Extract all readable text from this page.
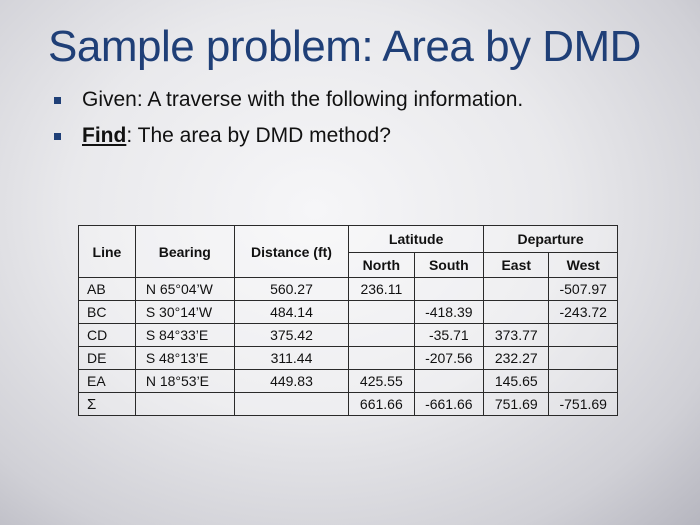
Sample problem: Area by DMD
Given: A traverse with the following information.
Find: The area by DMD method?
Line	Bearing	Distance (ft)	Latitude		Departure	
			North	South	East	West
AB	N 65°04’W	560.27	236.11			-507.97
BC	S 30°14’W	484.14		-418.39		-243.72
CD	S 84°33’E	375.42		-35.71	373.77	
DE	S 48°13’E	311.44		-207.56	232.27	
EA	N 18°53’E	449.83	425.55		145.65	
Σ			661.66	-661.66	751.69	-751.69
